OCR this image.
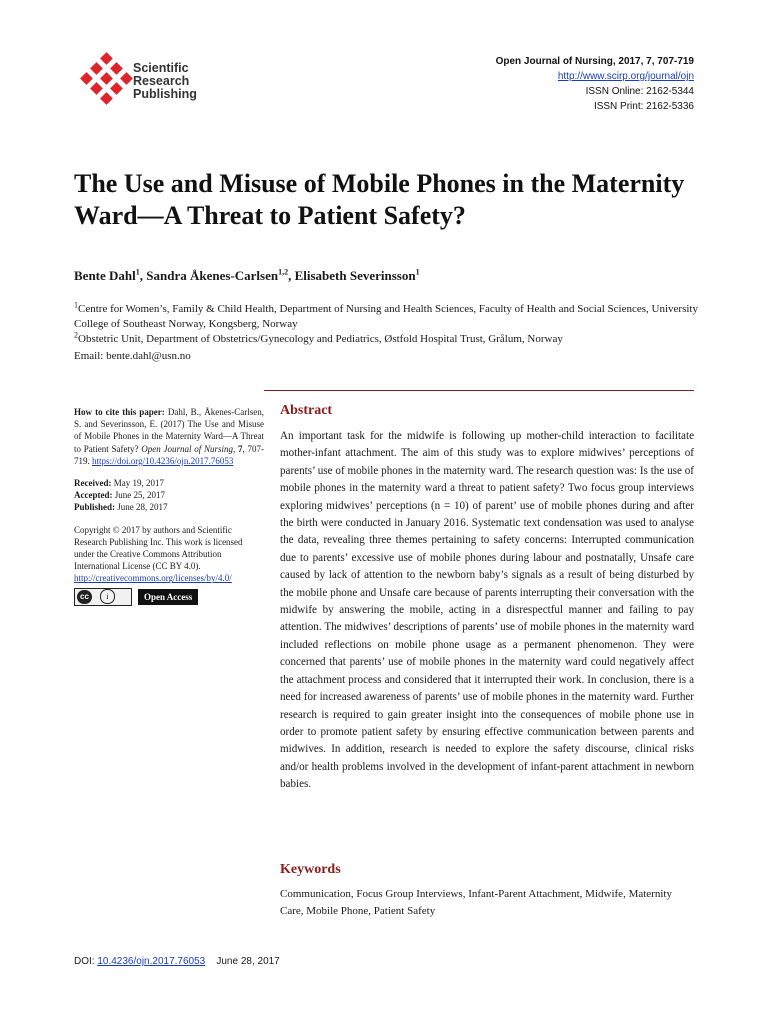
Scientific
Research
Publishing
Open Journal of Nursing, 2017, 7, 707-719
http://www.scirp.org/journal/ojn
ISSN Online: 2162-5344
ISSN Print: 2162-5336
The Use and Misuse of Mobile Phones in the Maternity Ward—A Threat to Patient Safety?
Bente Dahl$^1$, Sandra Åkenes-Carlsen$^{1,2}$, Elisabeth Severinsson$^1$
$^1$Centre for Women’s, Family & Child Health, Department of Nursing and Health Sciences, Faculty of Health and Social Sciences, University College of Southeast Norway, Kongsberg, Norway
$^2$Obstetric Unit, Department of Obstetrics/Gynecology and Pediatrics, Østfold Hospital Trust, Grålum, Norway
Email: bente.dahl@usn.no
How to cite this paper: Dahl, B., Åkenes-Carlsen, S. and Severinsson, E. (2017) The Use and Misuse of Mobile Phones in the Maternity Ward—A Threat to Patient Safety? Open Journal of Nursing, 7, 707-719. https://doi.org/10.4236/ojn.2017.76053
Received: May 19, 2017
Accepted: June 25, 2017
Published: June 28, 2017
Copyright © 2017 by authors and Scientific Research Publishing Inc. This work is licensed under the Creative Commons Attribution International License (CC BY 4.0).
http://creativecommons.org/licenses/by/4.0/
cc	i	Open Access
Abstract
An important task for the midwife is following up mother-child interaction to facilitate mother-infant attachment. The aim of this study was to explore midwives’ perceptions of parents’ use of mobile phones in the maternity ward. The research question was: Is the use of mobile phones in the maternity ward a threat to patient safety? Two focus group interviews exploring midwives’ perceptions (n = 10) of parent’ use of mobile phones during and after the birth were conducted in January 2016. Systematic text condensation was used to analyse the data, revealing three themes pertaining to safety concerns: Interrupted communication due to parents’ excessive use of mobile phones during labour and postnatally, Unsafe care caused by lack of attention to the newborn baby’s signals as a result of being disturbed by the mobile phone and Unsafe care because of parents interrupting their conversation with the midwife by answering the mobile, acting in a disrespectful manner and failing to pay attention. The midwives’ descriptions of parents’ use of mobile phones in the maternity ward included reflections on mobile phone usage as a permanent phenomenon. They were concerned that parents’ use of mobile phones in the maternity ward could negatively affect the attachment process and considered that it interrupted their work. In conclusion, there is a need for increased awareness of parents’ use of mobile phones in the maternity ward. Further research is required to gain greater insight into the consequences of mobile phone use in order to promote patient safety by ensuring effective communication between parents and midwives. In addition, research is needed to explore the safety discourse, clinical risks and/or health problems involved in the development of infant-parent attachment in newborn babies.
Keywords
Communication, Focus Group Interviews, Infant-Parent Attachment, Midwife, Maternity Care, Mobile Phone, Patient Safety
DOI: 10.4236/ojn.2017.76053 June 28, 2017
